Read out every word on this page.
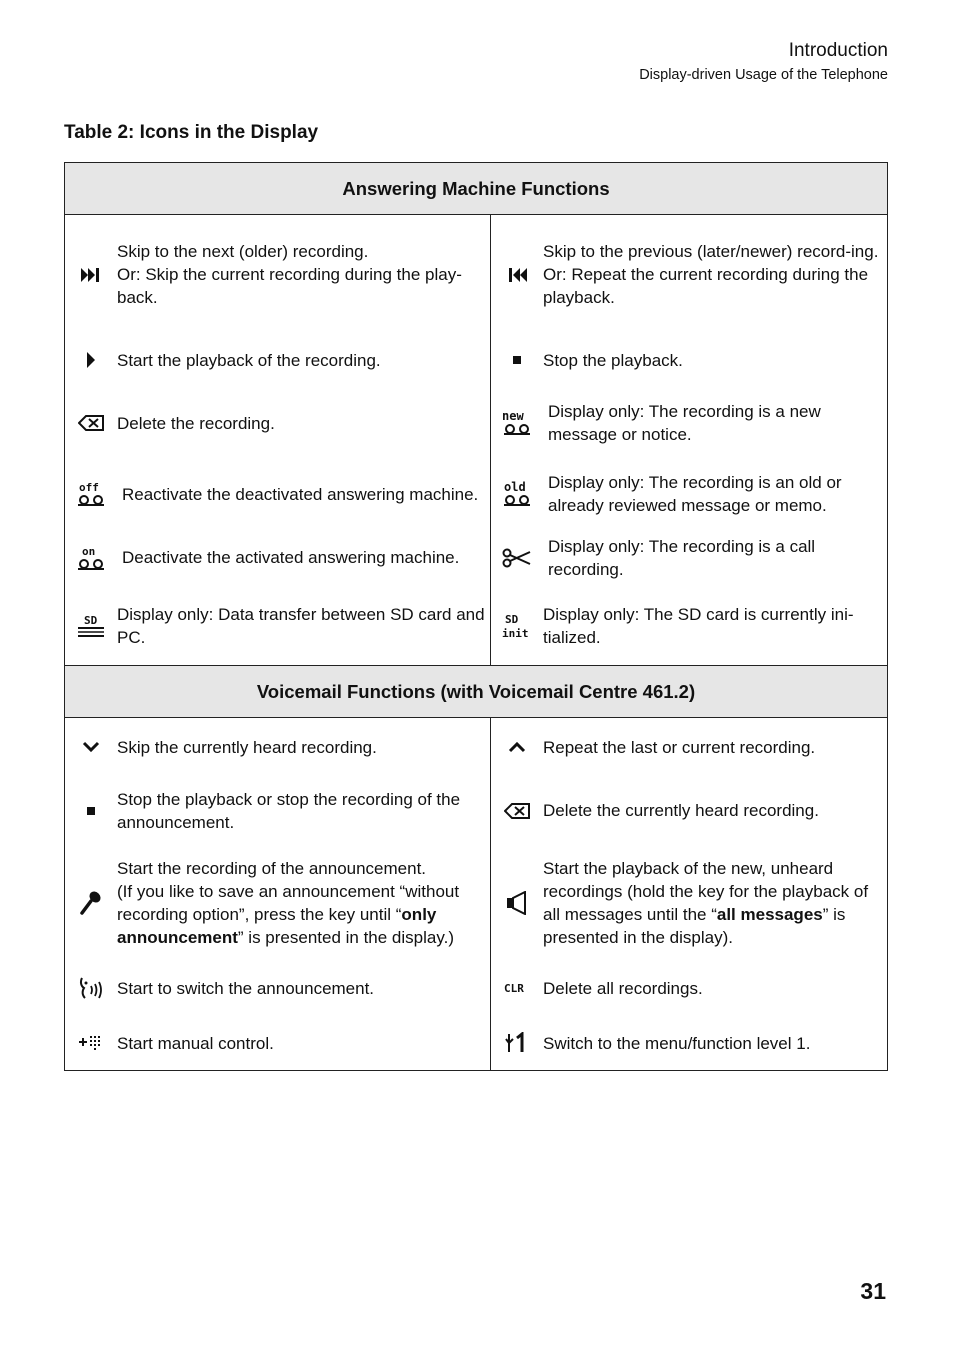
Introduction
Display-driven Usage of the Telephone
Table 2: Icons in the Display
Answering Machine Functions
Skip to the next (older) recording.
Or: Skip the current recording during the play-back.
Start the playback of the recording.
Delete the recording.
off Reactivate the deactivated answering machine.
on Deactivate the activated answering machine.
SD Display only: Data transfer between SD card and PC.
Skip to the previous (later/newer) record-ing.
Or: Repeat the current recording during the playback.
Stop the playback.
new Display only: The recording is a new message or notice.
old Display only: The recording is an old or already reviewed message or memo.
Display only: The recording is a call recording.
SD
init
Display only: The SD card is currently ini-tialized.
Voicemail Functions (with Voicemail Centre 461.2)
Skip the currently heard recording.
Stop the playback or stop the recording of the announcement.
Start the recording of the announcement.
(If you like to save an announcement “without recording option”, press the key until “only announcement” is presented in the display.)
Start to switch the announcement.
Start manual control.
Repeat the last or current recording.
Delete the currently heard recording.
Start the playback of the new, unheard recordings (hold the key for the playback of all messages until the “all messages” is presented in the display).
CLR Delete all recordings.
Switch to the menu/function level 1.
31
